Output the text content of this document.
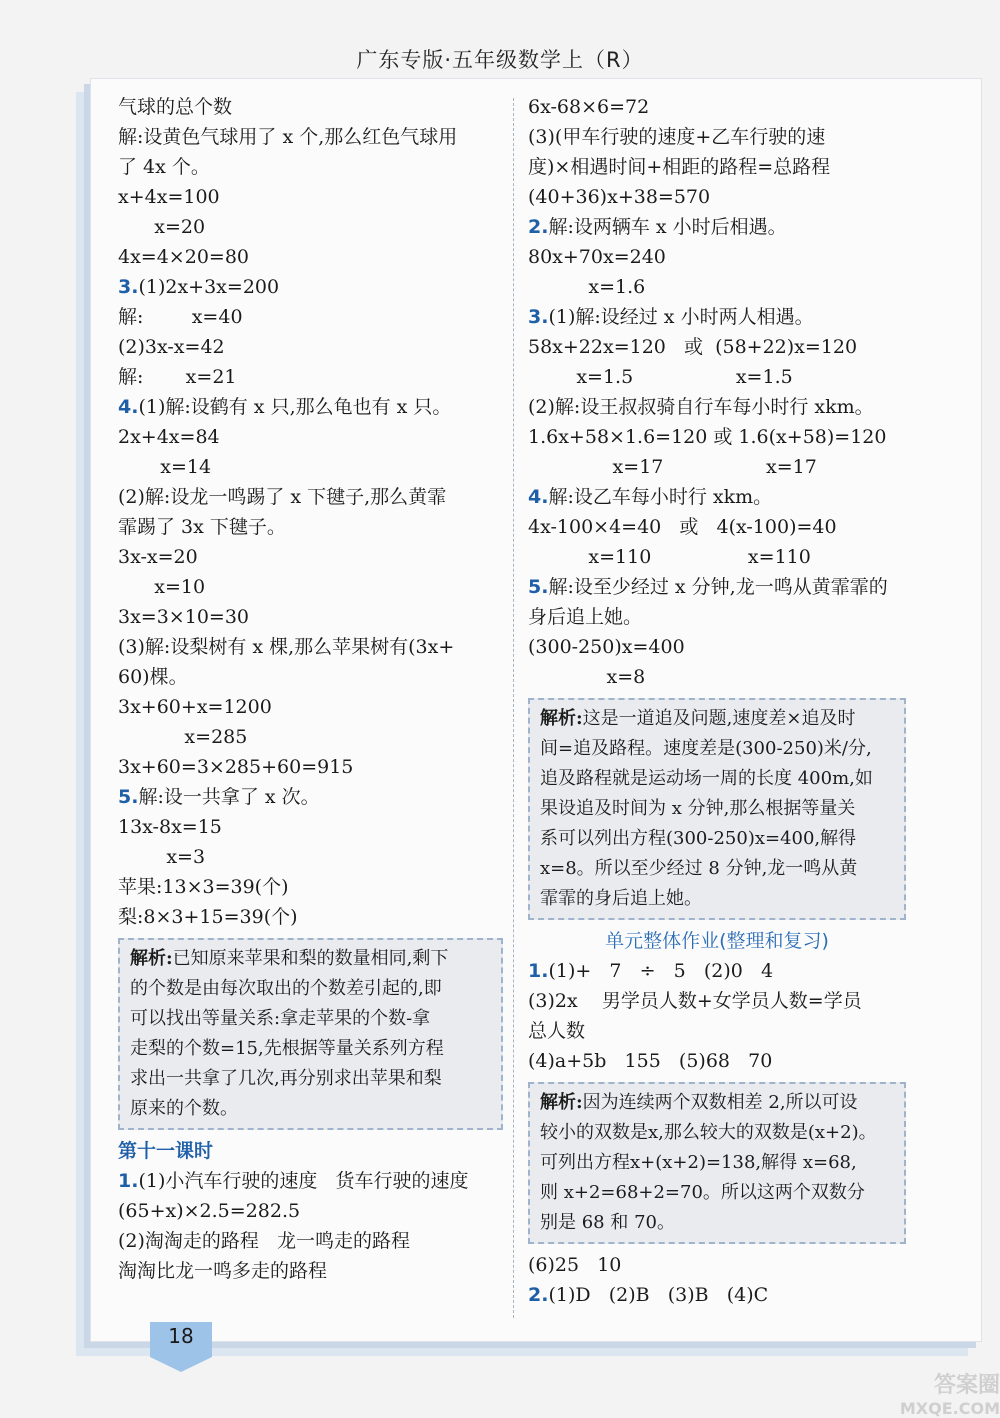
广东专版·五年级数学上（R）
气球的总个数
解:设黄色气球用了 x 个,那么红色气球用
了 4x 个。
x+4x=100
x=20
4x=4×20=80
3.(1)2x+3x=200
解:        x=40
(2)3x-x=42
解:       x=21
4.(1)解:设鹤有 x 只,那么龟也有 x 只。
2x+4x=84
x=14
(2)解:设龙一鸣踢了 x 下毽子,那么黄霏
霏踢了 3x 下毽子。
3x-x=20
x=10
3x=3×10=30
(3)解:设梨树有 x 棵,那么苹果树有(3x+
60)棵。
3x+60+x=1200
x=285
3x+60=3×285+60=915
5.解:设一共拿了 x 次。
13x-8x=15
x=3
苹果:13×3=39(个)
梨:8×3+15=39(个)
解析:已知原来苹果和梨的数量相同,剩下
的个数是由每次取出的个数差引起的,即
可以找出等量关系:拿走苹果的个数-拿
走梨的个数=15,先根据等量关系列方程
求出一共拿了几次,再分别求出苹果和梨
原来的个数。
第十一课时
1.(1)小汽车行驶的速度   货车行驶的速度
(65+x)×2.5=282.5
(2)淘淘走的路程   龙一鸣走的路程
淘淘比龙一鸣多走的路程
6x-68×6=72
(3)(甲车行驶的速度+乙车行驶的速
度)×相遇时间+相距的路程=总路程
(40+36)x+38=570
2.解:设两辆车 x 小时后相遇。
80x+70x=240
x=1.6
3.(1)解:设经过 x 小时两人相遇。
58x+22x=120   或  (58+22)x=120
x=1.5                 x=1.5
(2)解:设王叔叔骑自行车每小时行 xkm。
1.6x+58×1.6=120 或 1.6(x+58)=120
x=17                 x=17
4.解:设乙车每小时行 xkm。
4x-100×4=40   或   4(x-100)=40
x=110                x=110
5.解:设至少经过 x 分钟,龙一鸣从黄霏霏的
身后追上她。
(300-250)x=400
x=8
解析:这是一道追及问题,速度差×追及时
间=追及路程。速度差是(300-250)米/分,
追及路程就是运动场一周的长度 400m,如
果设追及时间为 x 分钟,那么根据等量关
系可以列出方程(300-250)x=400,解得
x=8。所以至少经过 8 分钟,龙一鸣从黄
霏霏的身后追上她。
单元整体作业(整理和复习)
1.(1)+   7   ÷   5   (2)0   4
(3)2x    男学员人数+女学员人数=学员
总人数
(4)a+5b   155   (5)68   70
解析:因为连续两个双数相差 2,所以可设
较小的双数是x,那么较大的双数是(x+2)。
可列出方程x+(x+2)=138,解得 x=68,
则 x+2=68+2=70。所以这两个双数分
别是 68 和 70。
(6)25   10
2.(1)D   (2)B   (3)B   (4)C
18
答案圈
MXQE.COM
